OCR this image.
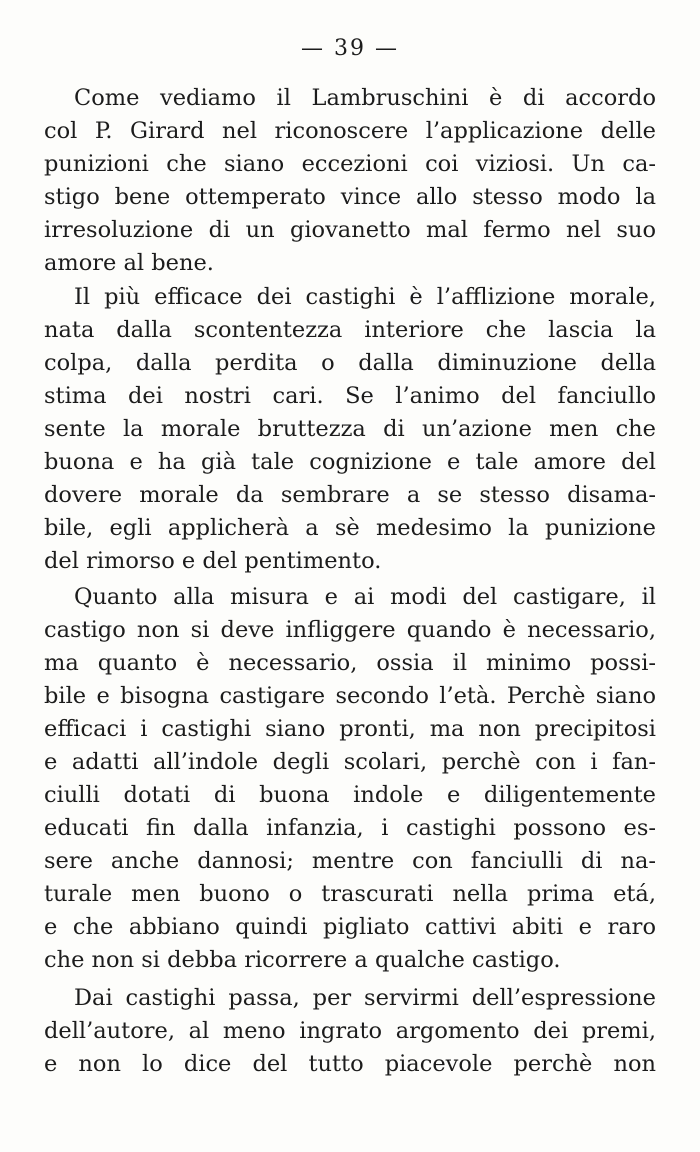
— 39 —
Come vediamo il Lambruschini è di accordo
col P. Girard nel riconoscere l’applicazione delle
punizioni che siano eccezioni coi viziosi. Un ca-
stigo bene ottemperato vince allo stesso modo la
irresoluzione di un giovanetto mal fermo nel suo
amore al bene.
Il più efficace dei castighi è l’afflizione morale,
nata dalla scontentezza interiore che lascia la
colpa, dalla perdita o dalla diminuzione della
stima dei nostri cari. Se l’animo del fanciullo
sente la morale bruttezza di un’azione men che
buona e ha già tale cognizione e tale amore del
dovere morale da sembrare a se stesso disama-
bile, egli applicherà a sè medesimo la punizione
del rimorso e del pentimento.
Quanto alla misura e ai modi del castigare, il
castigo non si deve infliggere quando è necessario,
ma quanto è necessario, ossia il minimo possi-
bile e bisogna castigare secondo l’età. Perchè siano
efficaci i castighi siano pronti, ma non precipitosi
e adatti all’indole degli scolari, perchè con i fan-
ciulli dotati di buona indole e diligentemente
educati fin dalla infanzia, i castighi possono es-
sere anche dannosi; mentre con fanciulli di na-
turale men buono o trascurati nella prima etá,
e che abbiano quindi pigliato cattivi abiti e raro
che non si debba ricorrere a qualche castigo.
Dai castighi passa, per servirmi dell’espressione
dell’autore, al meno ingrato argomento dei premi,
e non lo dice del tutto piacevole perchè non
